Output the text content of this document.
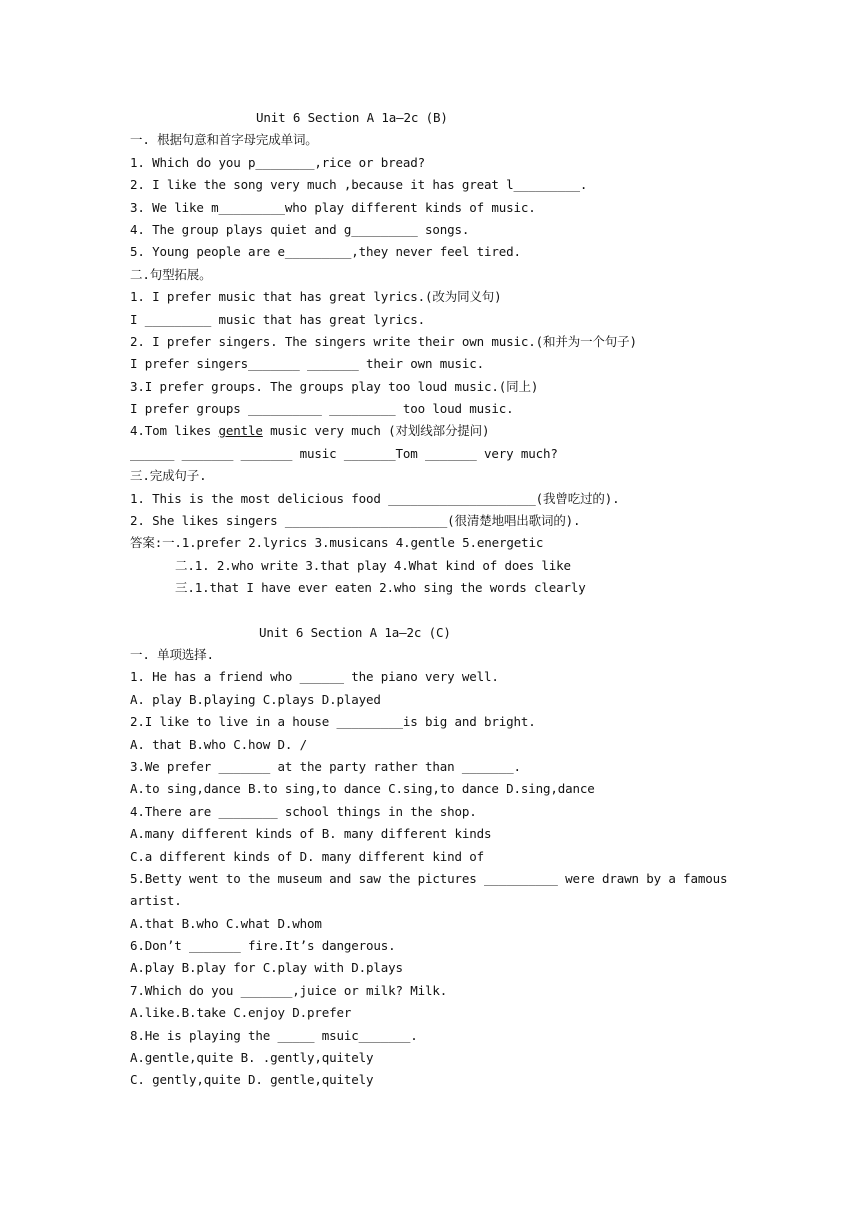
Unit 6 Section A 1a—2c (B)
一. 根据句意和首字母完成单词。
1. Which do you p________,rice or bread?
2. I like the song very much ,because it has great l_________.
3. We like m_________who play different kinds of music.
4. The group plays quiet and g_________ songs.
5. Young people are e_________,they never feel tired.
二.句型拓展。
1. I prefer music that has great lyrics.(改为同义句)
I _________ music that has great lyrics.
2. I prefer singers. The singers write their own music.(和并为一个句子)
I prefer singers_______ _______ their own music.
3.I prefer groups. The groups play too loud music.(同上)
I prefer groups __________ _________ too loud music.
4.Tom likes gentle music very much (对划线部分提问)
______ _______ _______ music _______Tom _______ very much?
三.完成句子.
1. This is the most delicious food ____________________(我曾吃过的).
2. She likes singers ______________________(很清楚地唱出歌词的).
答案:一.1.prefer 2.lyrics 3.musicans 4.gentle 5.energetic
二.1. 2.who write 3.that play 4.What kind of does like
三.1.that I have ever eaten 2.who sing the words clearly
Unit 6 Section A 1a—2c (C)
一. 单项选择.
1. He has a friend who ______ the piano very well.
A. play B.playing C.plays D.played
2.I like to live in a house _________is big and bright.
A. that B.who C.how D. /
3.We prefer _______ at the party rather than _______.
A.to sing,dance B.to sing,to dance C.sing,to dance D.sing,dance
4.There are ________ school things in the shop.
A.many different kinds of B. many different kinds
C.a different kinds of D. many different kind of
5.Betty went to the museum and saw the pictures __________ were drawn by a famous
artist.
A.that B.who C.what D.whom
6.Don’t _______ fire.It’s dangerous.
A.play B.play for C.play with D.plays
7.Which do you _______,juice or milk? Milk.
A.like.B.take C.enjoy D.prefer
8.He is playing the _____ msuic_______.
A.gentle,quite B. .gently,quitely
C. gently,quite D. gentle,quitely
